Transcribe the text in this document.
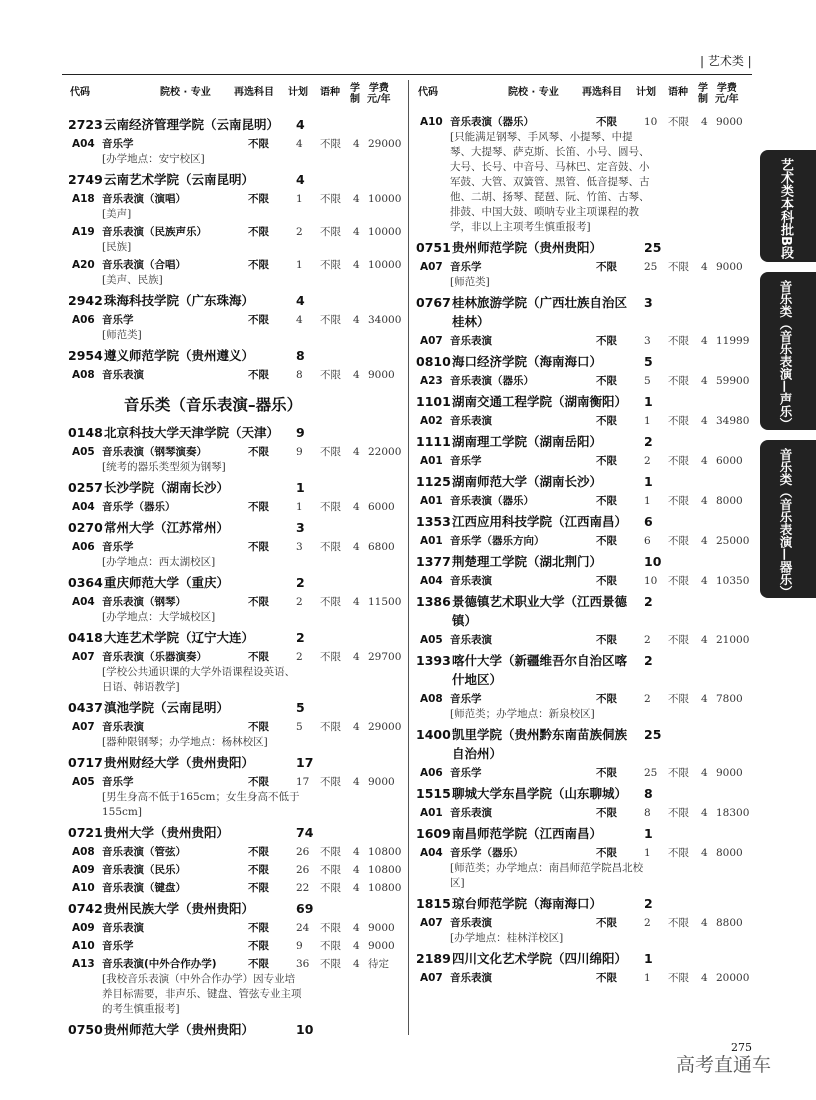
| 艺术类 |
代码	院校 · 专业 再选科目 计划 语种 学
制
学费
元/年
2723 云南经济管理学院（云南昆明）	4
A04 音乐学	不限	4 不限 4 29000
[办学地点：安宁校区]
2749 云南艺术学院（云南昆明）	4
A18 音乐表演（演唱）	不限	1 不限 4 10000
[美声]
A19 音乐表演（民族声乐）	不限	2 不限 4 10000
[民族]
A20 音乐表演（合唱）	不限	1 不限 4 10000
[美声、民族]
2942 珠海科技学院（广东珠海）	4
A06 音乐学	不限	4 不限 4 34000
[师范类]
2954 遵义师范学院（贵州遵义）	8
A08 音乐表演	不限	8 不限 4 9000
音乐类（音乐表演–器乐）
0148 北京科技大学天津学院（天津）	9
A05 音乐表演（钢琴演奏）	不限	9 不限 4 22000
[统考的器乐类型须为钢琴]
0257 长沙学院（湖南长沙）	1
A04 音乐学（器乐）	不限	1 不限 4 6000
0270 常州大学（江苏常州）	3
A06 音乐学	不限	3 不限 4 6800
[办学地点：西太湖校区]
0364 重庆师范大学（重庆）	2
A04 音乐表演（钢琴）	不限	2 不限 4 11500
[办学地点：大学城校区]
0418 大连艺术学院（辽宁大连）	2
A07 音乐表演（乐器演奏）	不限	2 不限 4 29700
[学校公共通识课的大学外语课程设英语、日语、韩语教学]
0437 滇池学院（云南昆明）	5
A07 音乐表演	不限	5 不限 4 29000
[器种限钢琴；办学地点：杨林校区]
0717 贵州财经大学（贵州贵阳）	17
A05 音乐学	不限	17 不限 4 9000
[男生身高不低于165cm；女生身高不低于155cm]
0721 贵州大学（贵州贵阳）	74
A08 音乐表演（管弦）	不限	26 不限 4 10800
A09 音乐表演（民乐）	不限	26 不限 4 10800
A10 音乐表演（键盘）	不限	22 不限 4 10800
0742 贵州民族大学（贵州贵阳）	69
A09 音乐表演	不限	24 不限 4 9000
A10 音乐学	不限	9 不限 4 9000
A13 音乐表演(中外合作办学)	不限	36 不限 4 待定
[我校音乐表演（中外合作办学）因专业培养目标需要，非声乐、键盘、管弦专业主项的考生慎重报考]
0750 贵州师范大学（贵州贵阳）	10
代码	院校 · 专业 再选科目 计划 语种 学
制
学费
元/年
A10 音乐表演（器乐）	不限	10 不限 4 9000
[只能满足钢琴、手风琴、小提琴、中提琴、大提琴、萨克斯、长笛、小号、圆号、大号、长号、中音号、马林巴、定音鼓、小军鼓、大管、双簧管、黑管、低音提琴、古他、二胡、扬琴、琵琶、阮、竹笛、古琴、排鼓、中国大鼓、唢呐专业主项课程的教学，非以上主项考生慎重报考]
0751 贵州师范学院（贵州贵阳）	25
A07 音乐学	不限	25 不限 4 9000
[师范类]
0767 桂林旅游学院（广西壮族自治区桂林）
3
A07 音乐表演	不限	3 不限 4 11999
0810 海口经济学院（海南海口）	5
A23 音乐表演（器乐）	不限	5 不限 4 59900
1101 湖南交通工程学院（湖南衡阳）	1
A02 音乐表演	不限	1 不限 4 34980
1111 湖南理工学院（湖南岳阳）	2
A01 音乐学	不限	2 不限 4 6000
1125 湖南师范大学（湖南长沙）	1
A01 音乐表演（器乐）	不限	1 不限 4 8000
1353 江西应用科技学院（江西南昌）	6
A01 音乐学（器乐方向）	不限	6 不限 4 25000
1377 荆楚理工学院（湖北荆门）	10
A04 音乐表演	不限	10 不限 4 10350
1386 景德镇艺术职业大学（江西景德镇）
2
A05 音乐表演	不限	2 不限 4 21000
1393 喀什大学（新疆维吾尔自治区喀什地区）
2
A08 音乐学	不限	2 不限 4 7800
[师范类；办学地点：新泉校区]
1400 凯里学院（贵州黔东南苗族侗族自治州）
25
A06 音乐学	不限	25 不限 4 9000
1515 聊城大学东昌学院（山东聊城）	8
A01 音乐表演	不限	8 不限 4 18300
1609 南昌师范学院（江西南昌）	1
A04 音乐学（器乐）	不限	1 不限 4 8000
[师范类；办学地点：南昌师范学院昌北校区]
1815 琼台师范学院（海南海口）	2
A07 音乐表演	不限	2 不限 4 8800
[办学地点：桂林洋校区]
2189 四川文化艺术学院（四川绵阳）	1
A07 音乐表演	不限	1 不限 4 20000
艺术类本科批B段
音乐类（音乐表演—声乐）
音乐类（音乐表演—器乐）
275
高考直通车
